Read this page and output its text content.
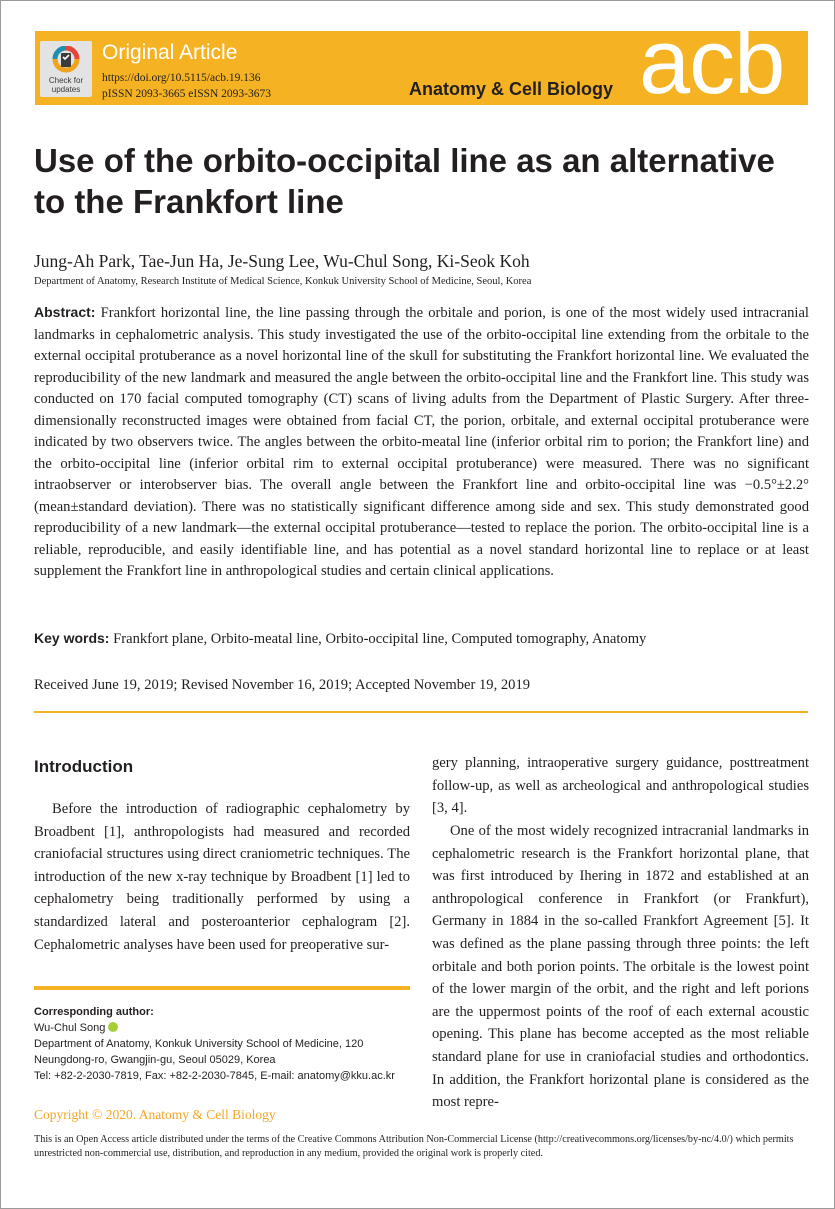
Check for
updates
Original Article
https://doi.org/10.5115/acb.19.136
pISSN 2093-3665 eISSN 2093-3673	Anatomy & Cell Biology acb
Use of the orbito-occipital line as an alternative to the Frankfort line
Jung-Ah Park, Tae-Jun Ha, Je-Sung Lee, Wu-Chul Song, Ki-Seok Koh
Department of Anatomy, Research Institute of Medical Science, Konkuk University School of Medicine, Seoul, Korea

Abstract: Frankfort horizontal line, the line passing through the orbitale and porion, is one of the most widely used intracranial landmarks in cephalometric analysis. This study investigated the use of the orbito-occipital line extending from the orbitale to the external occipital protuberance as a novel horizontal line of the skull for substituting the Frankfort horizontal line. We evaluated the reproducibility of the new landmark and measured the angle between the orbito-occipital line and the Frankfort line. This study was conducted on 170 facial computed tomography (CT) scans of living adults from the Department of Plastic Surgery. After three-dimensionally reconstructed images were obtained from facial CT, the porion, orbitale, and external occipital protuberance were indicated by two observers twice. The angles between the orbito-meatal line (inferior orbital rim to porion; the Frankfort line) and the orbito-occipital line (inferior orbital rim to external occipital protuberance) were measured. There was no significant intraobserver or interobserver bias. The overall angle between the Frankfort line and orbito-occipital line was −0.5°±2.2° (mean±standard deviation). There was no statistically significant difference among side and sex. This study demonstrated good reproducibility of a new landmark—the external occipital protuberance—tested to replace the porion. The orbito-occipital line is a reliable, reproducible, and easily identifiable line, and has potential as a novel standard horizontal line to replace or at least supplement the Frankfort line in anthropological studies and certain clinical applications.

Key words: Frankfort plane, Orbito-meatal line, Orbito-occipital line, Computed tomography, Anatomy

Received June 19, 2019; Revised November 16, 2019; Accepted November 19, 2019

Introduction

Before the introduction of radiographic cephalometry by Broadbent [1], anthropologists had measured and recorded craniofacial structures using direct craniometric techniques. The introduction of the new x-ray technique by Broadbent [1] led to cephalometry being traditionally performed by using a standardized lateral and posteroanterior cephalogram [2]. Cephalometric analyses have been used for preoperative sur-

gery planning, intraoperative surgery guidance, posttreatment follow-up, as well as archeological and anthropological studies [3, 4].

One of the most widely recognized intracranial landmarks in cephalometric research is the Frankfort horizontal plane, that was first introduced by Ihering in 1872 and established at an anthropological conference in Frankfort (or Frankfurt), Germany in 1884 in the so-called Frankfort Agreement [5]. It was defined as the plane passing through three points: the left orbitale and both porion points. The orbitale is the lowest point of the lower margin of the orbit, and the right and left porions are the uppermost points of the roof of each external acoustic opening. This plane has become accepted as the most reliable standard plane for use in craniofacial studies and orthodontics. In addition, the Frankfort horizontal plane is considered as the most repre-

Corresponding author:
Wu-Chul Song
Department of Anatomy, Konkuk University School of Medicine, 120
Neungdong-ro, Gwangjin-gu, Seoul 05029, Korea
Tel: +82-2-2030-7819, Fax: +82-2-2030-7845, E-mail: anatomy@kku.ac.kr
Copyright © 2020. Anatomy & Cell Biology
This is an Open Access article distributed under the terms of the Creative Commons Attribution Non-Commercial License (http://creativecommons.org/licenses/by-nc/4.0/) which permits unrestricted non-commercial use, distribution, and reproduction in any medium, provided the original work is properly cited.
